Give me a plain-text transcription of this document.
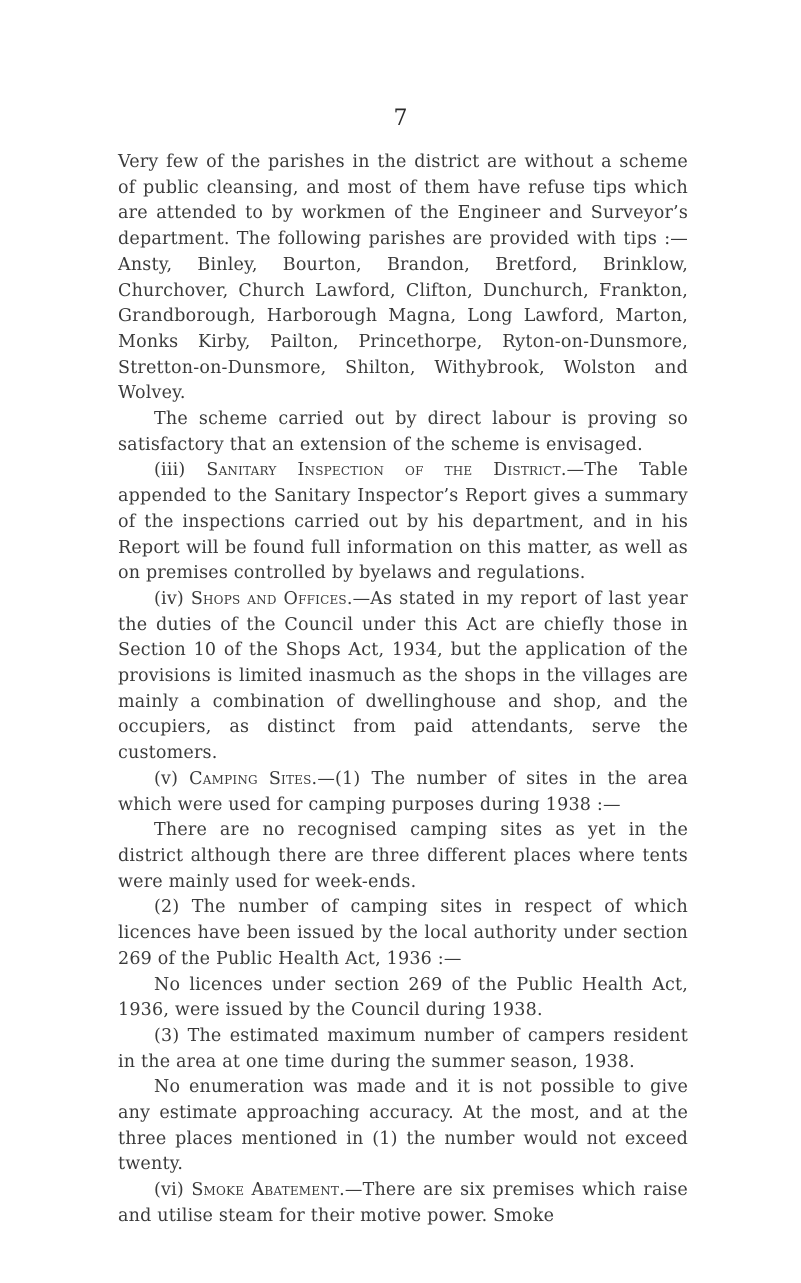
7

Very few of the parishes in the district are without a scheme of public cleansing, and most of them have refuse tips which are attended to by workmen of the Engineer and Surveyor’s department. The following parishes are provided with tips :—Ansty, Binley, Bourton, Brandon, Bretford, Brinklow, Churchover, Church Lawford, Clifton, Dunchurch, Frankton, Grandborough, Harborough Magna, Long Lawford, Marton, Monks Kirby, Pailton, Princethorpe, Ryton-on-Dunsmore, Stretton-on-Dunsmore, Shilton, Withybrook, Wolston and Wolvey.

The scheme carried out by direct labour is proving so satisfactory that an extension of the scheme is envisaged.

(iii) Sanitary Inspection of the District.—The Table appended to the Sanitary Inspector’s Report gives a summary of the inspections carried out by his department, and in his Report will be found full information on this matter, as well as on premises controlled by byelaws and regulations.

(iv) Shops and Offices.—As stated in my report of last year the duties of the Council under this Act are chiefly those in Section 10 of the Shops Act, 1934, but the application of the provisions is limited inasmuch as the shops in the villages are mainly a combination of dwellinghouse and shop, and the occupiers, as distinct from paid attendants, serve the customers.

(v) Camping Sites.—(1) The number of sites in the area which were used for camping purposes during 1938 :—

There are no recognised camping sites as yet in the district although there are three different places where tents were mainly used for week-ends.

(2) The number of camping sites in respect of which licences have been issued by the local authority under section 269 of the Public Health Act, 1936 :—

No licences under section 269 of the Public Health Act, 1936, were issued by the Council during 1938.

(3) The estimated maximum number of campers resident in the area at one time during the summer season, 1938.

No enumeration was made and it is not possible to give any estimate approaching accuracy. At the most, and at the three places mentioned in (1) the number would not exceed twenty.

(vi) Smoke Abatement.—There are six premises which raise and utilise steam for their motive power. Smoke
